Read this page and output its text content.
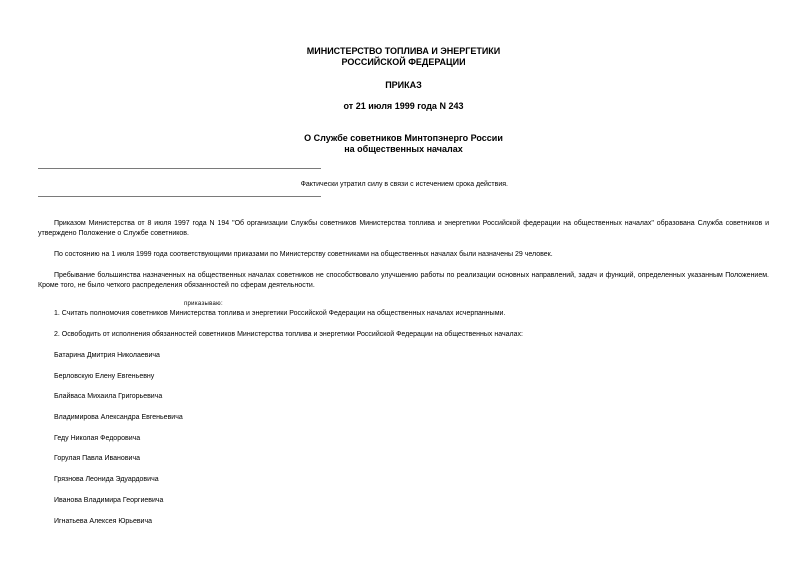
МИНИСТЕРСТВО ТОПЛИВА И ЭНЕРГЕТИКИ
РОССИЙСКОЙ ФЕДЕРАЦИИ
ПРИКАЗ
от 21 июля 1999 года N 243
О Службе советников Минтопэнерго России
на общественных началах
Фактически утратил силу в связи с истечением срока действия.
Приказом Министерства от 8 июля 1997 года N 194 "Об организации Службы советников Министерства топлива и энергетики Российской федерации на общественных началах" образована Служба советников и утверждено Положение о Службе советников.
По состоянию на 1 июля 1999 года соответствующими приказами по Министерству советниками на общественных началах были назначены 29 человек.
Пребывание большинства назначенных на общественных началах советников не способствовало улучшению работы по реализации основных направлений, задач и функций, определенных указанным Положением. Кроме того, не было четкого распределения обязанностей по сферам деятельности.
приказываю:
1. Считать полномочия советников Министерства топлива и энергетики Российской Федерации на общественных началах исчерпанными.
2. Освободить от исполнения обязанностей советников Министерства топлива и энергетики Российской Федерации на общественных началах:
Батарина Дмитрия Николаевича
Берловскую Елену Евгеньевну
Блайваса Михаила Григорьевича
Владимирова Александра Евгеньевича
Геду Николая Федоровича
Горулая Павла Ивановича
Грязнова Леонида Эдуардовича
Иванова Владимира Георгиевича
Игнатьева Алексея Юрьевича
